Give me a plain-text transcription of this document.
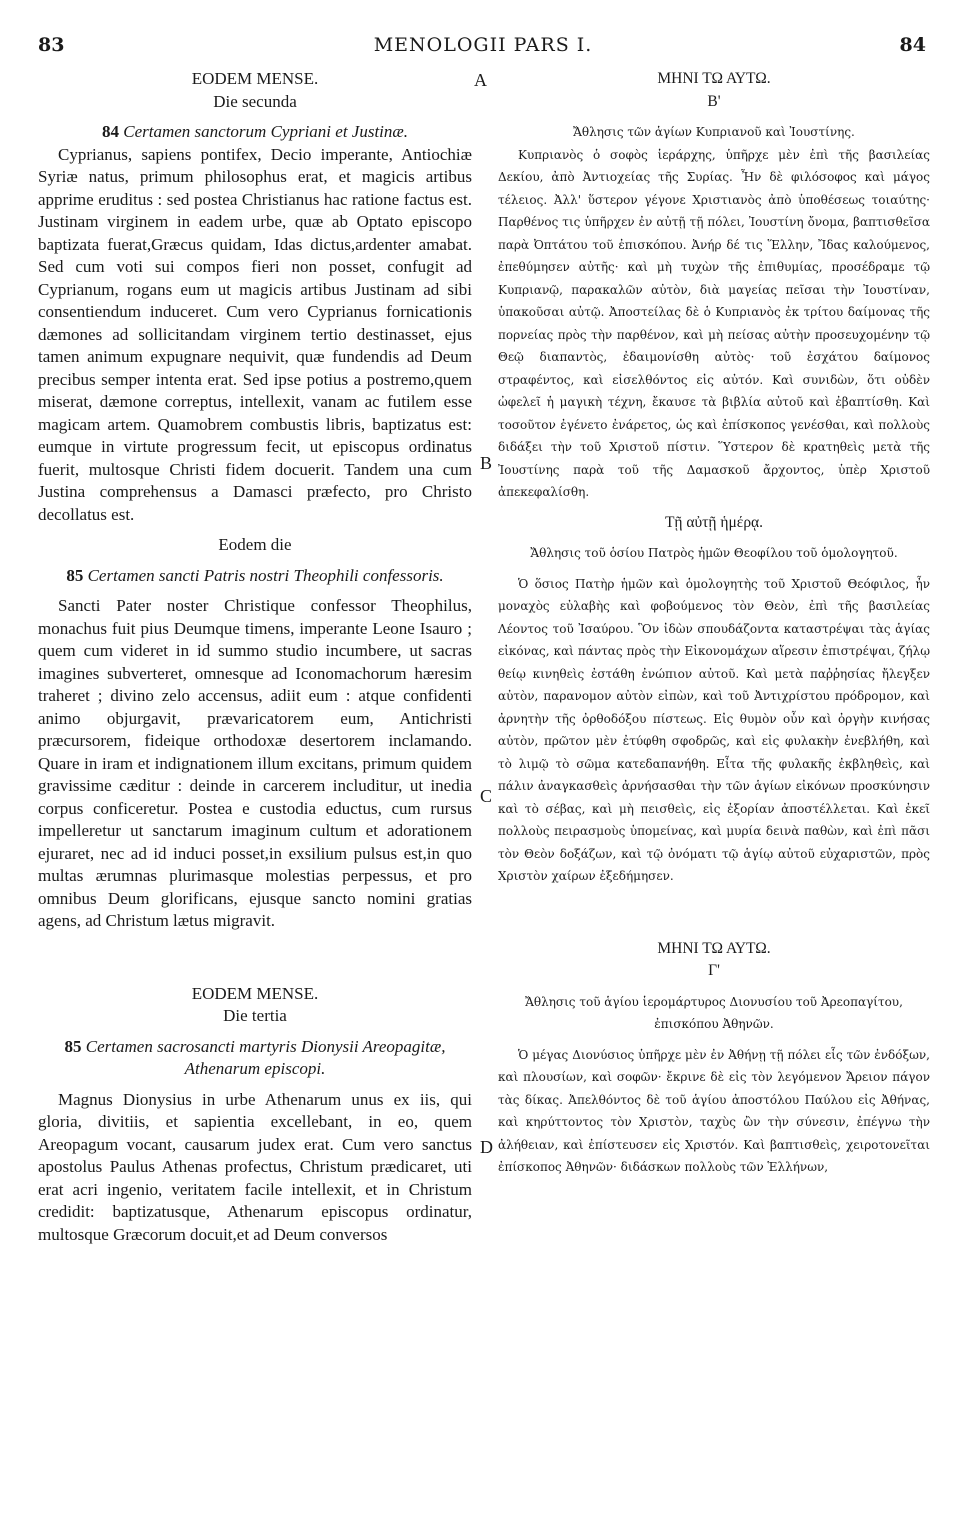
83	MENOLOGII PARS I.	84
A
B
C
D

EODEM MENSE.

Die secunda

84 Certamen sanctorum Cypriani et Justinæ.

Cyprianus, sapiens pontifex, Decio imperante, Antiochiæ Syriæ natus, primum philosophus erat, et magicis artibus apprime eruditus : sed postea Christianus hac ratione factus est. Justinam virginem in eadem urbe, quæ ab Optato episcopo baptizata fuerat,Græcus quidam, Idas dictus,ardenter amabat. Sed cum voti sui compos fieri non posset, confugit ad Cyprianum, rogans eum ut magicis artibus Justinam ad sibi consentiendum induceret. Cum vero Cyprianus fornicationis dæmones ad sollicitandam virginem tertio destinasset, ejus tamen animum expugnare nequivit, quæ fundendis ad Deum precibus semper intenta erat. Sed ipse potius a postremo,quem miserat, dæmone correptus, intellexit, vanam ac futilem esse magicam artem. Quamobrem combustis libris, baptizatus est: eumque in virtute progressum fecit, ut episcopus ordinatus fuerit, multosque Christi fidem docuerit. Tandem una cum Justina comprehensus a Damasci præfecto, pro Christo decollatus est.

Eodem die

85 Certamen sancti Patris nostri Theophili confessoris.

Sancti Pater noster Christique confessor Theophilus, monachus fuit pius Deumque timens, imperante Leone Isauro ; quem cum videret in id summo studio incumbere, ut sacras imagines subverteret, omnesque ad Iconomachorum hæresim traheret ; divino zelo accensus, adiit eum : atque confidenti animo objurgavit, prævaricatorem eum, Antichristi præcursorem, fideique orthodoxæ desertorem inclamando. Quare in iram et indignationem illum excitans, primum quidem gravissime cæditur : deinde in carcerem includitur, ut inedia corpus conficeretur. Postea e custodia eductus, cum rursus impelleretur ut sanctarum imaginum cultum et adorationem ejuraret, nec ad id induci posset,in exsilium pulsus est,in quo multas ærumnas plurimasque molestias perpessus, et pro omnibus Deum glorificans, ejusque sancto nomini gratias agens, ad Christum lætus migravit.

EODEM MENSE.

Die tertia

85 Certamen sacrosancti martyris Dionysii Areopagitæ, Athenarum episcopi.

Magnus Dionysius in urbe Athenarum unus ex iis, qui gloria, divitiis, et sapientia excellebant, in eo, quem Areopagum vocant, causarum judex erat. Cum vero sanctus apostolus Paulus Athenas profectus, Christum prædicaret, uti erat acri ingenio, veritatem facile intellexit, et in Christum credidit: baptizatusque, Athenarum episcopus ordinatur, multosque Græcorum docuit,et ad Deum conversos

ΜΗΝΙ ΤΩ ΑΥΤΩ.

Β'

Ἄθλησις τῶν ἁγίων Κυπριανοῦ καὶ Ἰουστίνης.

Κυπριανὸς ὁ σοφὸς ἱεράρχης, ὑπῆρχε μὲν ἐπὶ τῆς βασιλείας Δεκίου, ἀπὸ Ἀντιοχείας τῆς Συρίας. Ἦν δὲ φιλόσοφος καὶ μάγος τέλειος. Ἀλλ' ὕστερον γέγονε Χριστιανὸς ἀπὸ ὑποθέσεως τοιαύτης· Παρθένος τις ὑπῆρχεν ἐν αὐτῇ τῇ πόλει, Ἰουστίνη ὄνομα, βαπτισθεῖσα παρὰ Ὀπτάτου τοῦ ἐπισκόπου. Ἀνήρ δέ τις Ἕλλην, Ἴδας καλούμενος, ἐπεθύμησεν αὐτῆς· καὶ μὴ τυχὼν τῆς ἐπιθυμίας, προσέδραμε τῷ Κυπριανῷ, παρακαλῶν αὐτὸν, διὰ μαγείας πεῖσαι τὴν Ἰουστίναν, ὑπακοῦσαι αὐτῷ. Ἀποστείλας δὲ ὁ Κυπριανὸς ἐκ τρίτου δαίμονας τῆς πορνείας πρὸς τὴν παρθένον, καὶ μὴ πείσας αὐτὴν προσευχομένην τῷ Θεῷ διαπαντὸς, ἐδαιμονίσθη αὐτὸς· τοῦ ἐσχάτου δαίμονος στραφέντος, καὶ εἰσελθόντος εἰς αὐτόν. Καὶ συνιδὼν, ὅτι οὐδὲν ὠφελεῖ ἡ μαγικὴ τέχνη, ἔκαυσε τὰ βιβλία αὐτοῦ καὶ ἐβαπτίσθη. Καὶ τοσοῦτον ἐγένετο ἐνάρετος, ὡς καὶ ἐπίσκοπος γενέσθαι, καὶ πολλοὺς διδάξει τὴν τοῦ Χριστοῦ πίστιν. Ὕστερον δὲ κρατηθεὶς μετὰ τῆς Ἰουστίνης παρὰ τοῦ τῆς Δαμασκοῦ ἄρχοντος, ὑπὲρ Χριστοῦ ἀπεκεφαλίσθη.

Τῇ αὐτῇ ἡμέρᾳ.

Ἄθλησις τοῦ ὁσίου Πατρὸς ἡμῶν Θεοφίλου τοῦ ὁμολογητοῦ.

Ὁ ὅσιος Πατὴρ ἡμῶν καὶ ὁμολογητὴς τοῦ Χριστοῦ Θεόφιλος, ἦν μοναχὸς εὐλαβὴς καὶ φοβούμενος τὸν Θεὸν, ἐπὶ τῆς βασιλείας Λέοντος τοῦ Ἰσαύρου. Ὃν ἰδὼν σπουδάζοντα καταστρέψαι τὰς ἁγίας εἰκόνας, καὶ πάντας πρὸς τὴν Εἰκονομάχων αἵρεσιν ἐπιστρέψαι, ζήλῳ θείῳ κινηθεὶς ἐστάθη ἐνώπιον αὐτοῦ. Καὶ μετὰ παῤῥησίας ἤλεγξεν αὐτὸν, παρανομον αὐτὸν εἰπὼν, καὶ τοῦ Ἀντιχρίστου πρόδρομον, καὶ ἀρνητὴν τῆς ὀρθοδόξου πίστεως. Εἰς θυμὸν οὖν καὶ ὀργὴν κινήσας αὐτὸν, πρῶτον μὲν ἐτύφθη σφοδρῶς, καὶ εἰς φυλακὴν ἐνεβλήθη, καὶ τὸ λιμῷ τὸ σῶμα κατεδαπανήθη. Εἶτα τῆς φυλακῆς ἐκβληθεὶς, καὶ πάλιν ἀναγκασθεὶς ἀρνήσασθαι τὴν τῶν ἁγίων εἰκόνων προσκύνησιν καὶ τὸ σέβας, καὶ μὴ πεισθεὶς, εἰς ἐξορίαν ἀποστέλλεται. Καὶ ἐκεῖ πολλοὺς πειρασμοὺς ὑπομείνας, καὶ μυρία δεινὰ παθὼν, καὶ ἐπὶ πᾶσι τὸν Θεὸν δοξάζων, καὶ τῷ ὀνόματι τῷ ἁγίῳ αὐτοῦ εὐχαριστῶν, πρὸς Χριστὸν χαίρων ἐξεδήμησεν.

ΜΗΝΙ ΤΩ ΑΥΤΩ.

Γ'

Ἄθλησις τοῦ ἁγίου ἱερομάρτυρος Διονυσίου τοῦ Ἀρεοπαγίτου, ἐπισκόπου Ἀθηνῶν.

Ὁ μέγας Διονύσιος ὑπῆρχε μὲν ἐν Ἀθήνῃ τῇ πόλει εἷς τῶν ἐνδόξων, καὶ πλουσίων, καὶ σοφῶν· ἔκρινε δὲ εἰς τὸν λεγόμενον Ἄρειον πάγον τὰς δίκας. Ἀπελθόντος δὲ τοῦ ἁγίου ἀποστόλου Παύλου εἰς Ἀθήνας, καὶ κηρύττοντος τὸν Χριστὸν, ταχὺς ὢν τὴν σύνεσιν, ἐπέγνω τὴν ἀλήθειαν, καὶ ἐπίστευσεν εἰς Χριστόν. Καὶ βαπτισθεὶς, χειροτονεῖται ἐπίσκοπος Ἀθηνῶν· διδάσκων πολλοὺς τῶν Ἑλλήνων,
